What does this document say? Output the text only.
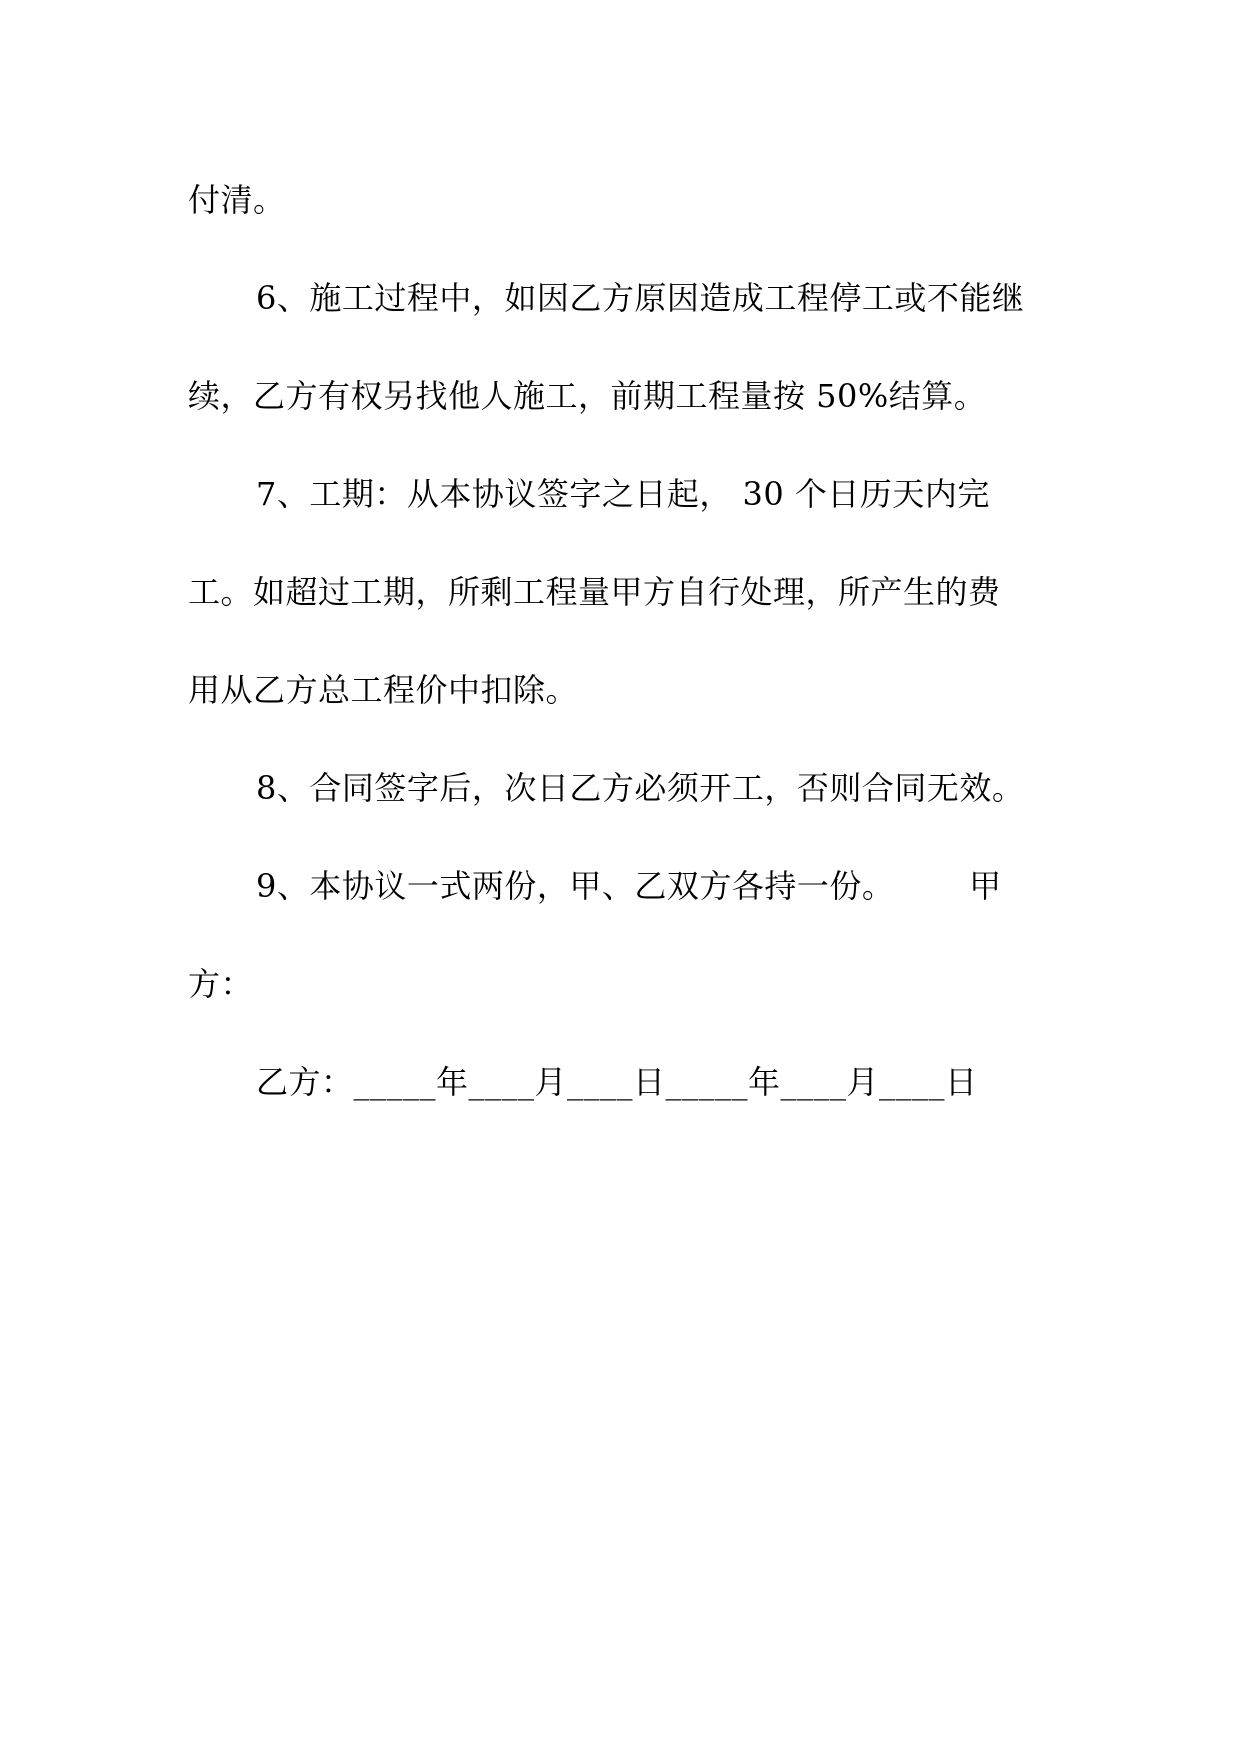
付清。
6、施工过程中，如因乙方原因造成工程停工或不能继
续，乙方有权另找他人施工，前期工程量按 50%结算。
7、工期：从本协议签字之日起， 30 个日历天内完
工。如超过工期，所剩工程量甲方自行处理，所产生的费
用从乙方总工程价中扣除。
8、合同签字后，次日乙方必须开工，否则合同无效。
9、本协议一式两份，甲、乙双方各持一份。       甲
方：
乙方：_____年____月____日_____年____月____日
